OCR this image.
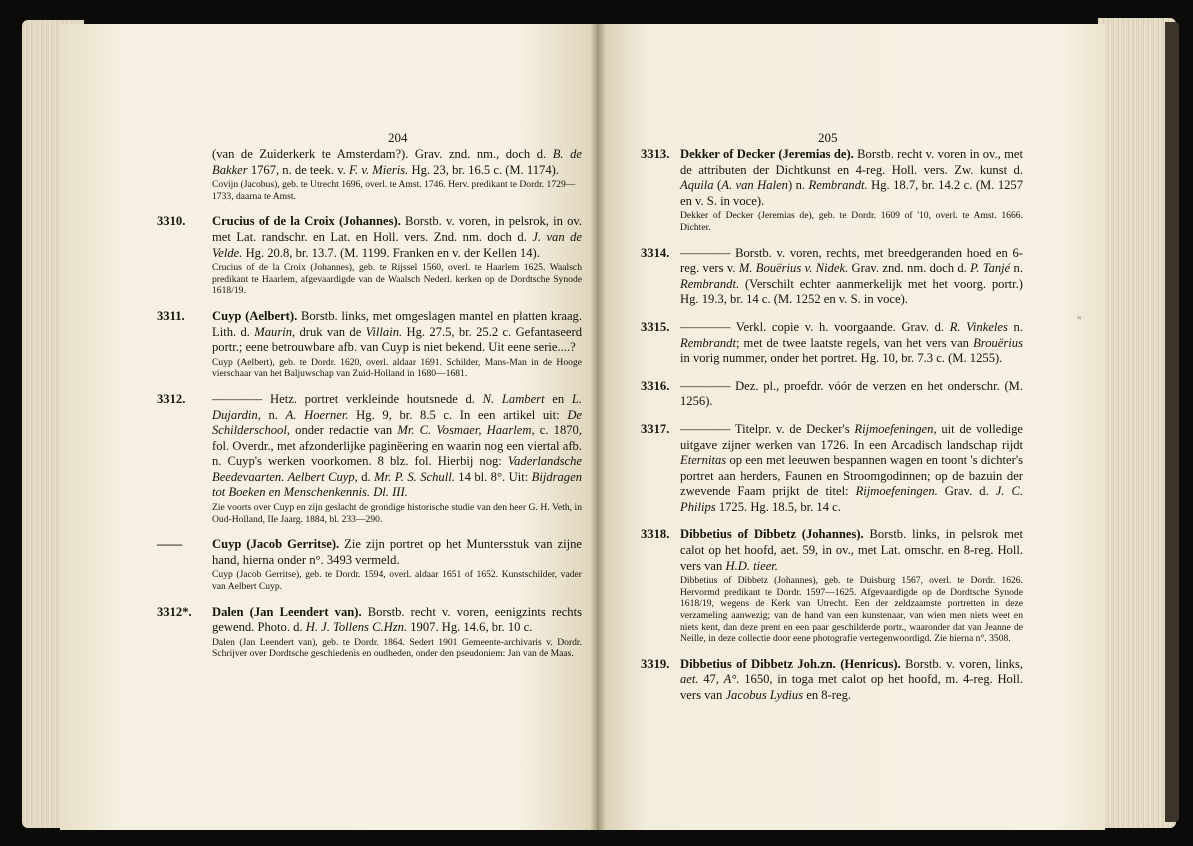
204	205

(van de Zuiderkerk te Amsterdam?). Grav. znd. nm., doch d. B. de Bakker 1767, n. de teek. v. F. v. Mieris. Hg. 23, br. 16.5 c. (M. 1174).

Covijn (Jacobus), geb. te Utrecht 1696, overl. te Amst. 1746. Herv. predikant te Dordr. 1729—1733, daarna te Amst.

3310. Crucius of de la Croix (Johannes). Borstb. v. voren, in pelsrok, in ov. met Lat. randschr. en Lat. en Holl. vers. Znd. nm. doch d. J. van de Velde. Hg. 20.8, br. 13.7. (M. 1199. Franken en v. der Kellen 14).

Crucius of de la Croix (Johannes), geb. te Rijssel 1560, overl. te Haarlem 1625. Waalsch predikant te Haarlem, afgevaardigde van de Waalsch Nederl. kerken op de Dordtsche Synode 1618/19.

3311. Cuyp (Aelbert). Borstb. links, met omgeslagen mantel en platten kraag. Lith. d. Maurin, druk van de Villain. Hg. 27.5, br. 25.2 c. Gefantaseerd portr.; eene betrouwbare afb. van Cuyp is niet bekend. Uit eene serie....?

Cuyp (Aelbert), geb. te Dordr. 1620, overl. aldaar 1691. Schilder, Mans-Man in de Hooge vierschaar van het Baljuwschap van Zuid-Holland in 1680—1681.

3312. ———— Hetz. portret verkleinde houtsnede d. N. Lambert en L. Dujardin, n. A. Hoerner. Hg. 9, br. 8.5 c. In een artikel uit: De Schilderschool, onder redactie van Mr. C. Vosmaer, Haarlem, c. 1870, fol. Overdr., met afzonderlijke paginëering en waarin nog een viertal afb. n. Cuyp's werken voorkomen. 8 blz. fol. Hierbij nog: Vaderlandsche Beedevaarten. Aelbert Cuyp, d. Mr. P. S. Schull. 14 bl. 8°. Uit: Bijdragen tot Boeken en Menschenkennis. Dl. III.

Zie voorts over Cuyp en zijn geslacht de grondige historische studie van den heer G. H. Veth, in Oud-Holland, IIe Jaarg. 1884, bl. 233—290.

—— Cuyp (Jacob Gerritse). Zie zijn portret op het Muntersstuk van zijne hand, hierna onder n°. 3493 vermeld.

Cuyp (Jacob Gerritse), geb. te Dordr. 1594, overl. aldaar 1651 of 1652. Kunstschilder, vader van Aelbert Cuyp.

3312*. Dalen (Jan Leendert van). Borstb. recht v. voren, eenigzints rechts gewend. Photo. d. H. J. Tollens C.Hzn. 1907. Hg. 14.6, br. 10 c.

Dalen (Jan Leendert van), geb. te Dordr. 1864. Sedert 1901 Gemeente-archivaris v. Dordr. Schrijver over Dordtsche geschiedenis en oudheden, onder den pseudoniem: Jan van de Maas.

3313. Dekker of Decker (Jeremias de). Borstb. recht v. voren in ov., met de attributen der Dichtkunst en 4-reg. Holl. vers. Zw. kunst d. Aquila (A. van Halen) n. Rembrandt. Hg. 18.7, br. 14.2 c. (M. 1257 en v. S. in voce).

Dekker of Decker (Jeremias de), geb. te Dordr. 1609 of '10, overl. te Amst. 1666. Dichter.

3314. ———— Borstb. v. voren, rechts, met breedgeranden hoed en 6-reg. vers v. M. Bouërius v. Nidek. Grav. znd. nm. doch d. P. Tanjé n. Rembrandt. (Verschilt echter aanmerkelijk met het voorg. portr.) Hg. 19.3, br. 14 c. (M. 1252 en v. S. in voce).

3315. ———— Verkl. copie v. h. voorgaande. Grav. d. R. Vinkeles n. Rembrandt; met de twee laatste regels, van het vers van Brouërius in vorig nummer, onder het portret. Hg. 10, br. 7.3 c. (M. 1255).

3316. ———— Dez. pl., proefdr. vóór de verzen en het onderschr. (M. 1256).

3317. ———— Titelpr. v. de Decker's Rijmoefeningen, uit de volledige uitgave zijner werken van 1726. In een Arcadisch landschap rijdt Eternitas op een met leeuwen bespannen wagen en toont 's dichter's portret aan herders, Faunen en Stroomgodinnen; op de bazuin der zwevende Faam prijkt de titel: Rijmoefeningen. Grav. d. J. C. Philips 1725. Hg. 18.5, br. 14 c.

3318. Dibbetius of Dibbetz (Johannes). Borstb. links, in pelsrok met calot op het hoofd, aet. 59, in ov., met Lat. omschr. en 8-reg. Holl. vers van H.D. tieer.

Dibbetius of Dibbetz (Johannes), geb. te Duisburg 1567, overl. te Dordr. 1626. Hervormd predikant te Dordr. 1597—1625. Afgevaardigde op de Dordtsche Synode 1618/19, wegens de Kerk van Utrecht. Een der zeldzaamste portretten in deze verzameling aanwezig; van de hand van een kunstenaar, van wien men niets weet en niets kent, dan deze prent en een paar geschilderde portr., waaronder dat van Jeanne de Neille, in deze collectie door eene photografie vertegenwoordigd. Zie hierna n°. 3508.

3319. Dibbetius of Dibbetz Joh.zn. (Henricus). Borstb. v. voren, links, aet. 47, A°. 1650, in toga met calot op het hoofd, m. 4-reg. Holl. vers van Jacobus Lydius en 8-reg.

«
